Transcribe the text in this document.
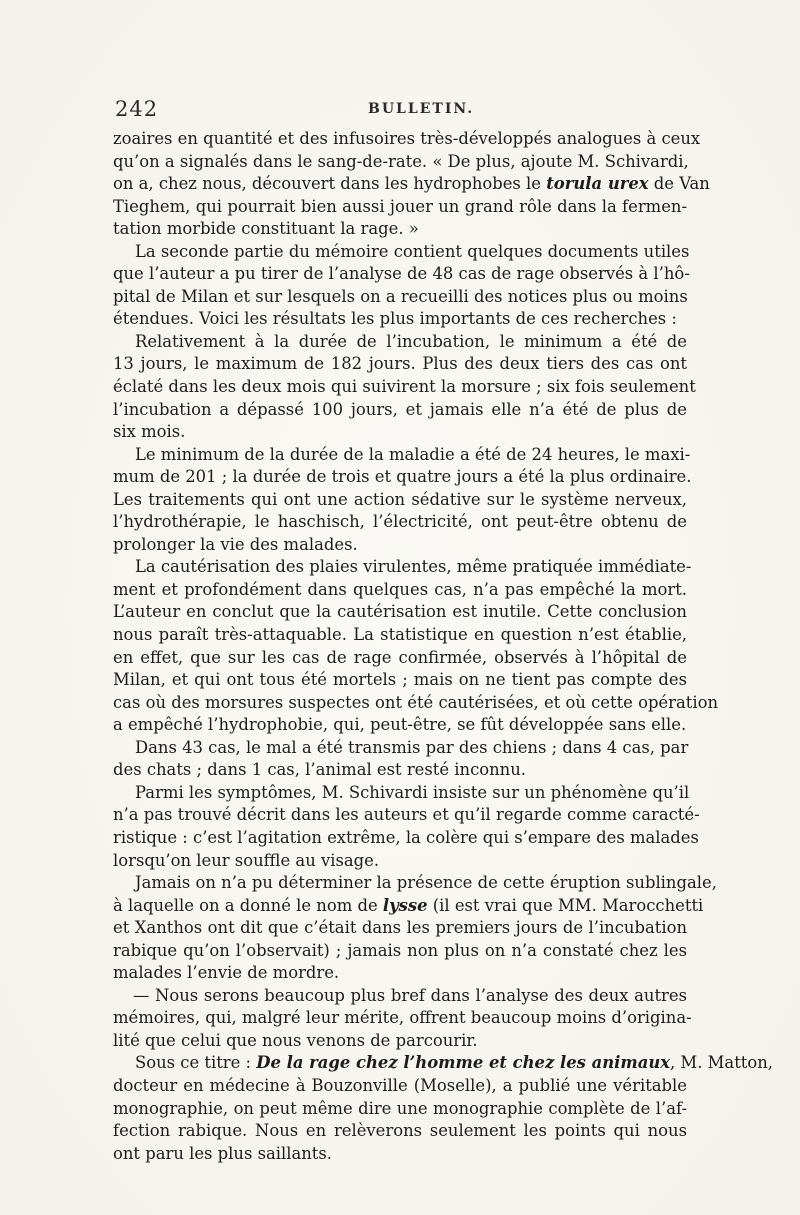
242	BULLETIN.
zoaires en quantité et des infusoires très-développés analogues à ceux
qu’on a signalés dans le sang-de-rate. « De plus, ajoute M. Schivardi,
on a, chez nous, découvert dans les hydrophobes le torula urex de Van
Tieghem, qui pourrait bien aussi jouer un grand rôle dans la fermen-
tation morbide constituant la rage. »
La seconde partie du mémoire contient quelques documents utiles
que l’auteur a pu tirer de l’analyse de 48 cas de rage observés à l’hô-
pital de Milan et sur lesquels on a recueilli des notices plus ou moins
étendues. Voici les résultats les plus importants de ces recherches :
Relativement à la durée de l’incubation, le minimum a été de
13 jours, le maximum de 182 jours. Plus des deux tiers des cas ont
éclaté dans les deux mois qui suivirent la morsure ; six fois seulement
l’incubation a dépassé 100 jours, et jamais elle n’a été de plus de
six mois.
Le minimum de la durée de la maladie a été de 24 heures, le maxi-
mum de 201 ; la durée de trois et quatre jours a été la plus ordinaire.
Les traitements qui ont une action sédative sur le système nerveux,
l’hydrothérapie, le haschisch, l’électricité, ont peut-être obtenu de
prolonger la vie des malades.
La cautérisation des plaies virulentes, même pratiquée immédiate-
ment et profondément dans quelques cas, n’a pas empêché la mort.
L’auteur en conclut que la cautérisation est inutile. Cette conclusion
nous paraît très-attaquable. La statistique en question n’est établie,
en effet, que sur les cas de rage confirmée, observés à l’hôpital de
Milan, et qui ont tous été mortels ; mais on ne tient pas compte des
cas où des morsures suspectes ont été cautérisées, et où cette opération
a empêché l’hydrophobie, qui, peut-être, se fût développée sans elle.
Dans 43 cas, le mal a été transmis par des chiens ; dans 4 cas, par
des chats ; dans 1 cas, l’animal est resté inconnu.
Parmi les symptômes, M. Schivardi insiste sur un phénomène qu’il
n’a pas trouvé décrit dans les auteurs et qu’il regarde comme caracté-
ristique : c’est l’agitation extrême, la colère qui s’empare des malades
lorsqu’on leur souffle au visage.
Jamais on n’a pu déterminer la présence de cette éruption sublingale,
à laquelle on a donné le nom de lysse (il est vrai que MM. Marocchetti
et Xanthos ont dit que c’était dans les premiers jours de l’incubation
rabique qu’on l’observait) ; jamais non plus on n’a constaté chez les
malades l’envie de mordre.
— Nous serons beaucoup plus bref dans l’analyse des deux autres
mémoires, qui, malgré leur mérite, offrent beaucoup moins d’origina-
lité que celui que nous venons de parcourir.
Sous ce titre : De la rage chez l’homme et chez les animaux, M. Matton,
docteur en médecine à Bouzonville (Moselle), a publié une véritable
monographie, on peut même dire une monographie complète de l’af-
fection rabique. Nous en relèverons seulement les points qui nous
ont paru les plus saillants.
